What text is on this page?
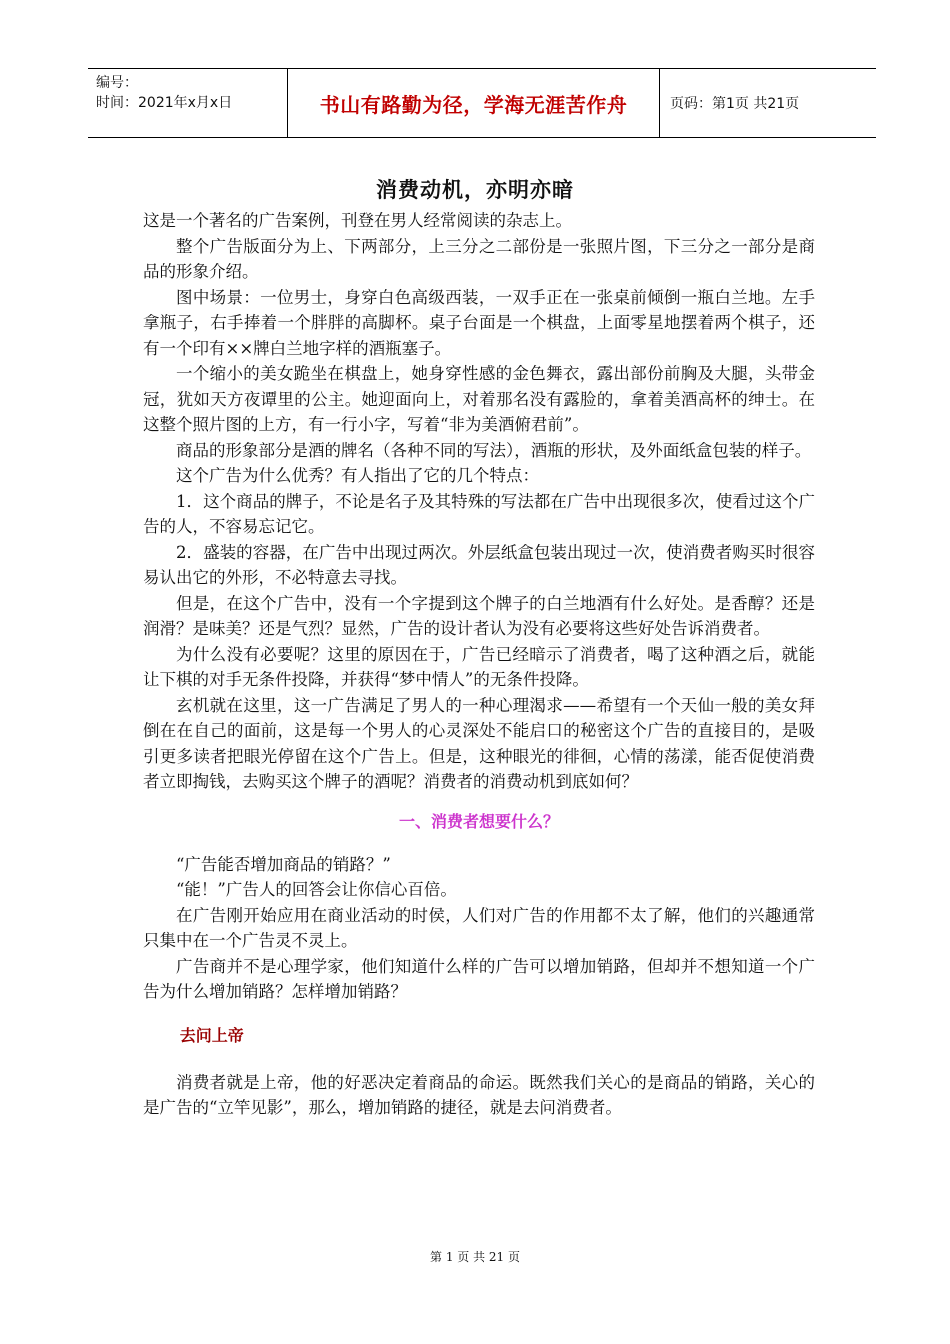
编号：
时间：2021年x月x日	书山有路勤为径，学海无涯苦作舟	页码：第1页 共21页
消费动机，亦明亦暗

这是一个著名的广告案例，刊登在男人经常阅读的杂志上。

整个广告版面分为上、下两部分，上三分之二部份是一张照片图，下三分之一部分是商品的形象介绍。

图中场景：一位男士，身穿白色高级西装，一双手正在一张桌前倾倒一瓶白兰地。左手拿瓶子，右手捧着一个胖胖的高脚杯。桌子台面是一个棋盘，上面零星地摆着两个棋子，还有一个印有××牌白兰地字样的酒瓶塞子。

一个缩小的美女跪坐在棋盘上，她身穿性感的金色舞衣，露出部份前胸及大腿，头带金冠，犹如天方夜谭里的公主。她迎面向上，对着那名没有露脸的，拿着美酒高杯的绅士。在这整个照片图的上方，有一行小字，写着“非为美酒俯君前”。

商品的形象部分是酒的牌名（各种不同的写法），酒瓶的形状，及外面纸盒包装的样子。

这个广告为什么优秀？有人指出了它的几个特点：

1．这个商品的牌子，不论是名子及其特殊的写法都在广告中出现很多次，使看过这个广告的人，不容易忘记它。

2．盛装的容器，在广告中出现过两次。外层纸盒包装出现过一次，使消费者购买时很容易认出它的外形，不必特意去寻找。

但是，在这个广告中，没有一个字提到这个牌子的白兰地酒有什么好处。是香醇？还是润滑？是味美？还是气烈？显然，广告的设计者认为没有必要将这些好处告诉消费者。

为什么没有必要呢？这里的原因在于，广告已经暗示了消费者，喝了这种酒之后，就能让下棋的对手无条件投降，并获得“梦中情人”的无条件投降。

玄机就在这里，这一广告满足了男人的一种心理渴求——希望有一个天仙一般的美女拜倒在在自己的面前，这是每一个男人的心灵深处不能启口的秘密这个广告的直接目的，是吸引更多读者把眼光停留在这个广告上。但是，这种眼光的徘徊，心情的荡漾，能否促使消费者立即掏钱，去购买这个牌子的酒呢？消费者的消费动机到底如何？

一、消费者想要什么？

“广告能否增加商品的销路？”

“能！”广告人的回答会让你信心百倍。

在广告刚开始应用在商业活动的时侯，人们对广告的作用都不太了解，他们的兴趣通常只集中在一个广告灵不灵上。

广告商并不是心理学家，他们知道什么样的广告可以增加销路，但却并不想知道一个广告为什么增加销路？怎样增加销路？

去问上帝

消费者就是上帝，他的好恶决定着商品的命运。既然我们关心的是商品的销路，关心的是广告的“立竿见影”，那么，增加销路的捷径，就是去问消费者。

第 1 页 共 21 页
